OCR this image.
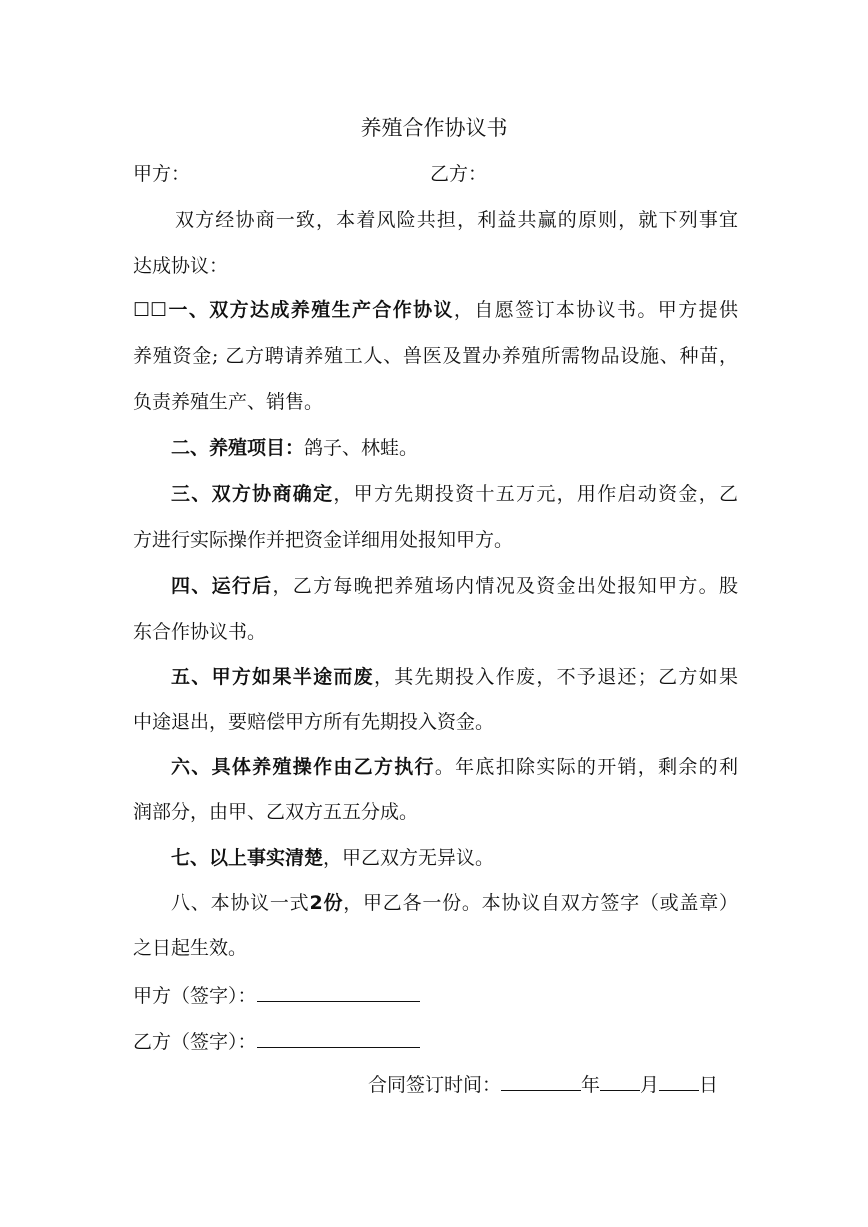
养殖合作协议书
甲方：	乙方：
双方经协商一致，本着风险共担，利益共赢的原则，就下列事宜
达成协议：
☐☐一、双方达成养殖生产合作协议，自愿签订本协议书。甲方提供
养殖资金; 乙方聘请养殖工人、兽医及置办养殖所需物品设施、种苗，
负责养殖生产、销售。
二、养殖项目：鸽子、林蛙。
三、双方协商确定，甲方先期投资十五万元，用作启动资金，乙
方进行实际操作并把资金详细用处报知甲方。
四、运行后，乙方每晚把养殖场内情况及资金出处报知甲方。股
东合作协议书。
五、甲方如果半途而废，其先期投入作废，不予退还；乙方如果
中途退出，要赔偿甲方所有先期投入资金。
六、具体养殖操作由乙方执行。年底扣除实际的开销，剩余的利
润部分，由甲、乙双方五五分成。
七、以上事实清楚，甲乙双方无异议。
八、本协议一式2份，甲乙各一份。本协议自双方签字（或盖章）
之日起生效。
甲方（签字）：
乙方（签字）：
合同签订时间：	年 月 日
